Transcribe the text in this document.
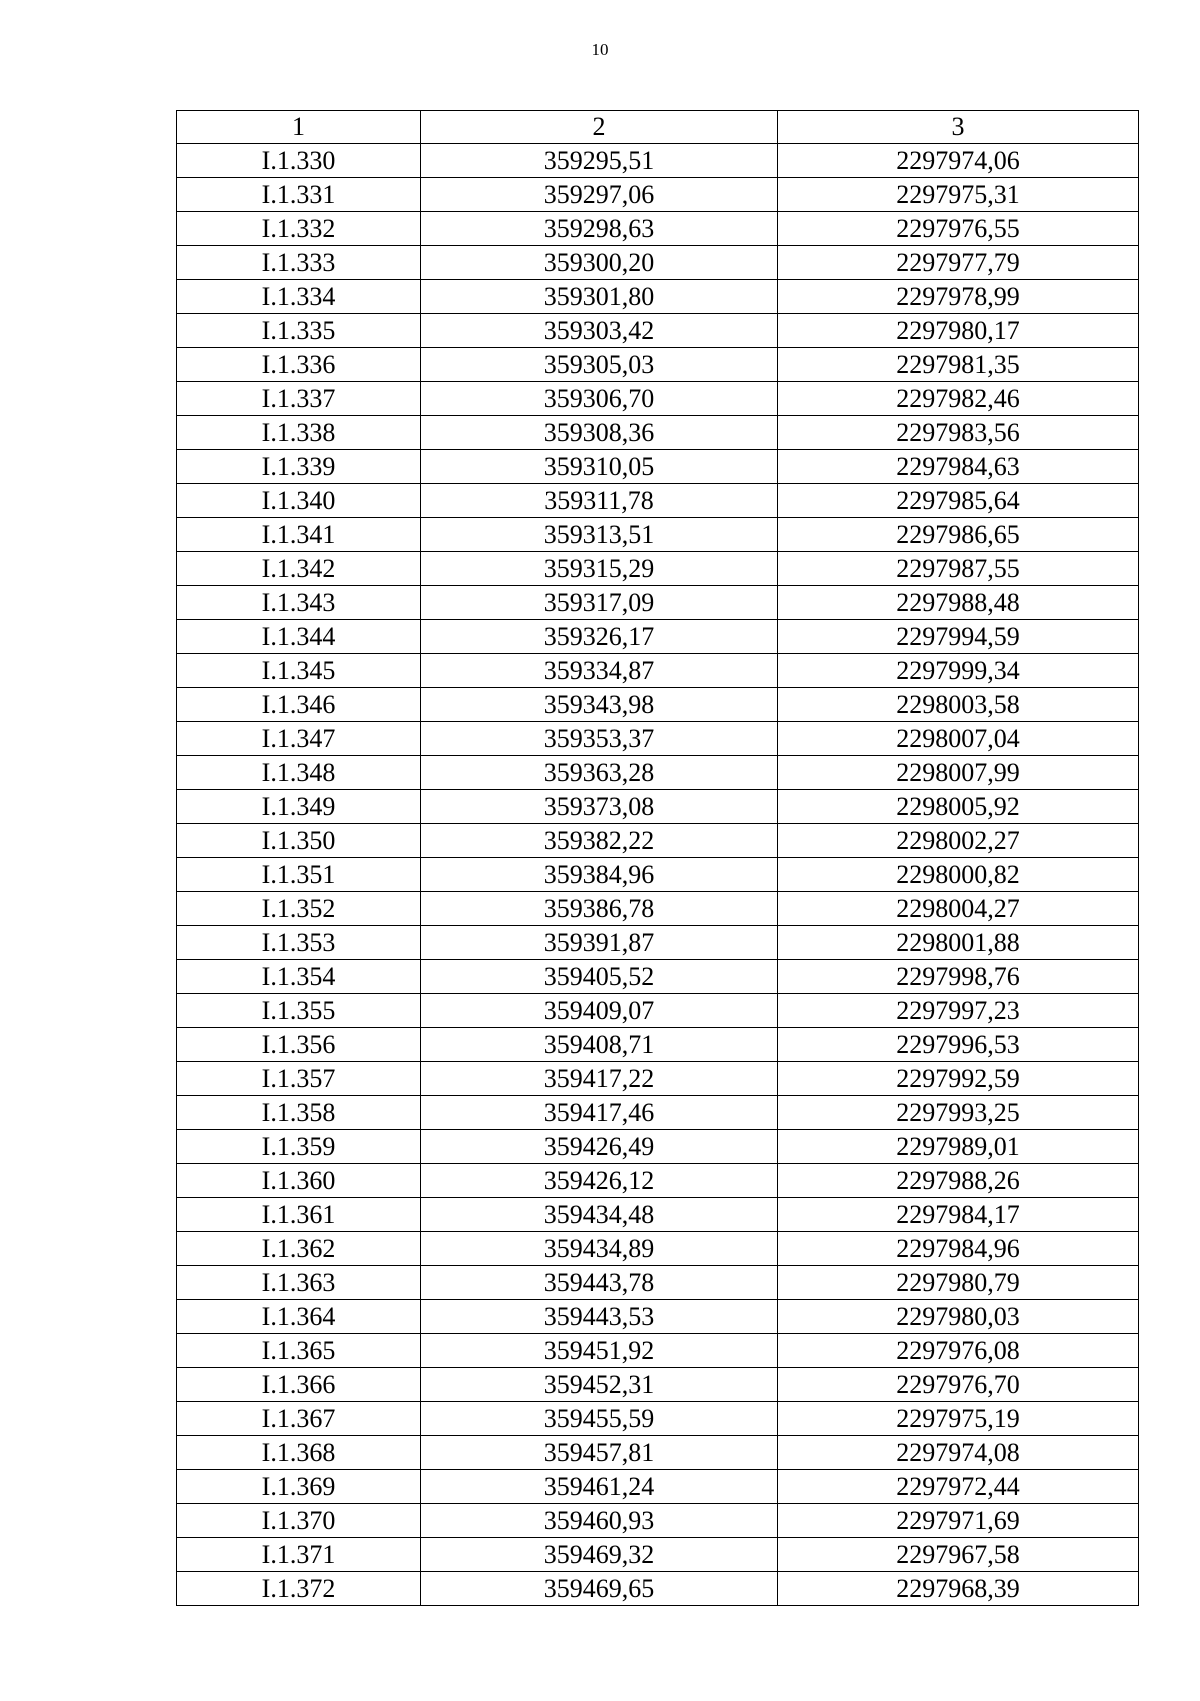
10
1	2	3
I.1.330	359295,51	2297974,06
I.1.331	359297,06	2297975,31
I.1.332	359298,63	2297976,55
I.1.333	359300,20	2297977,79
I.1.334	359301,80	2297978,99
I.1.335	359303,42	2297980,17
I.1.336	359305,03	2297981,35
I.1.337	359306,70	2297982,46
I.1.338	359308,36	2297983,56
I.1.339	359310,05	2297984,63
I.1.340	359311,78	2297985,64
I.1.341	359313,51	2297986,65
I.1.342	359315,29	2297987,55
I.1.343	359317,09	2297988,48
I.1.344	359326,17	2297994,59
I.1.345	359334,87	2297999,34
I.1.346	359343,98	2298003,58
I.1.347	359353,37	2298007,04
I.1.348	359363,28	2298007,99
I.1.349	359373,08	2298005,92
I.1.350	359382,22	2298002,27
I.1.351	359384,96	2298000,82
I.1.352	359386,78	2298004,27
I.1.353	359391,87	2298001,88
I.1.354	359405,52	2297998,76
I.1.355	359409,07	2297997,23
I.1.356	359408,71	2297996,53
I.1.357	359417,22	2297992,59
I.1.358	359417,46	2297993,25
I.1.359	359426,49	2297989,01
I.1.360	359426,12	2297988,26
I.1.361	359434,48	2297984,17
I.1.362	359434,89	2297984,96
I.1.363	359443,78	2297980,79
I.1.364	359443,53	2297980,03
I.1.365	359451,92	2297976,08
I.1.366	359452,31	2297976,70
I.1.367	359455,59	2297975,19
I.1.368	359457,81	2297974,08
I.1.369	359461,24	2297972,44
I.1.370	359460,93	2297971,69
I.1.371	359469,32	2297967,58
I.1.372	359469,65	2297968,39
